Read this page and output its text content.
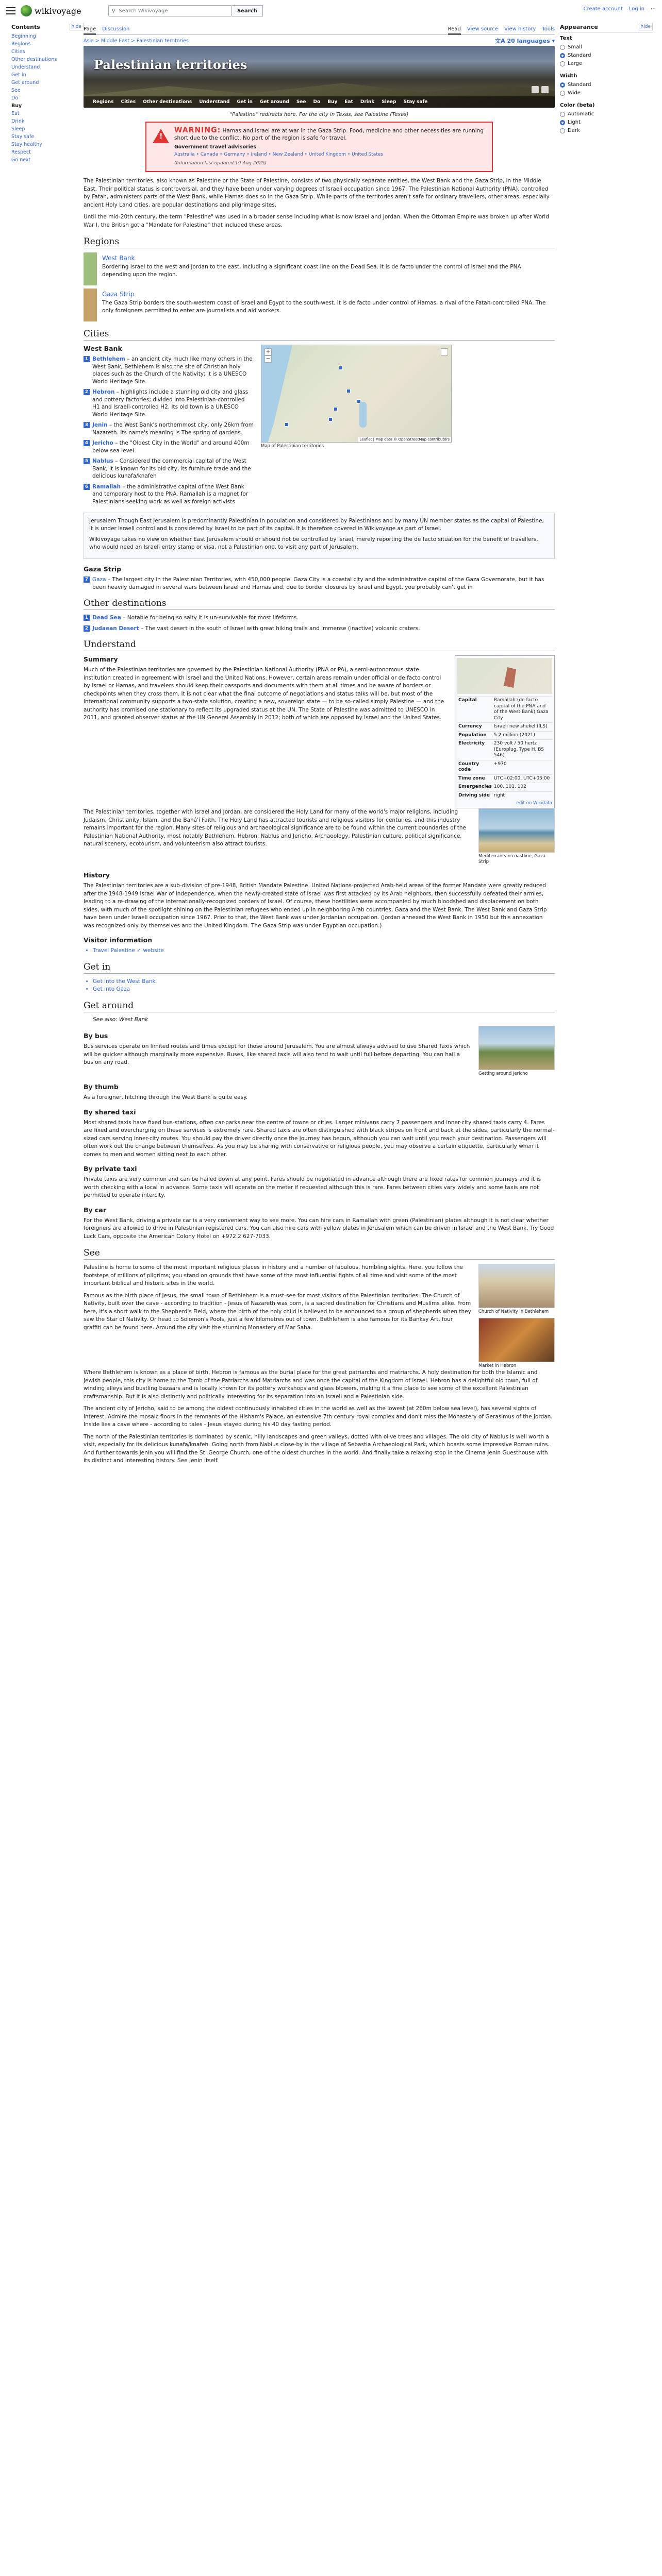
wikivoyage	⚲ Search Wikivoyage	Search	Create account Log in ⋯
Contents	hide
Beginning
Regions
Cities
Other destinations
Understand
Get in
Get around
See
Do
Buy
Eat
Drink
Sleep
Stay safe
Stay healthy
Respect
Go next
Page Discussion	Read View source View history Tools
Asia > Middle East > Palestinian territories	文A 20 languages ▾
Palestinian territories
Regions Cities Other destinations Understand Get in Get around See Do Buy Eat Drink Sleep Stay safe
"Palestine" redirects here. For the city in Texas, see Palestine (Texas)
!
WARNING: Hamas and Israel are at war in the Gaza Strip. Food, medicine and other necessities are running short due to the conflict. No part of the region is safe for travel.
Government travel advisories
Australia • Canada • Germany • Ireland • New Zealand • United Kingdom • United States
(Information last updated 19 Aug 2025)

The Palestinian territories, also known as Palestine or the State of Palestine, consists of two physically separate entities, the West Bank and the Gaza Strip, in the Middle East. Their political status is controversial, and they have been under varying degrees of Israeli occupation since 1967. The Palestinian National Authority (PNA), controlled by Fatah, administers parts of the West Bank, while Hamas does so in the Gaza Strip. While parts of the territories aren't safe for ordinary travellers, other areas, especially ancient Holy Land cities, are popular destinations and pilgrimage sites.

Until the mid-20th century, the term "Palestine" was used in a broader sense including what is now Israel and Jordan. When the Ottoman Empire was broken up after World War I, the British got a "Mandate for Palestine" that included these areas.

Regions
West Bank
Bordering Israel to the west and Jordan to the east, including a significant coast line on the Dead Sea. It is de facto under the control of Israel and the PNA depending upon the region.
Gaza Strip
The Gaza Strip borders the south-western coast of Israel and Egypt to the south-west. It is de facto under control of Hamas, a rival of the Fatah-controlled PNA. The only foreigners permitted to enter are journalists and aid workers.
Cities
West Bank
1 Bethlehem – an ancient city much like many others in the West Bank, Bethlehem is also the site of Christian holy places such as the Church of the Nativity; it is a UNESCO World Heritage Site.
2 Hebron – highlights include a stunning old city and glass and pottery factories; divided into Palestinian-controlled H1 and Israeli-controlled H2. Its old town is a UNESCO World Heritage Site.
3 Jenin – the West Bank's northernmost city, only 26km from Nazareth. Its name's meaning is The spring of gardens.
4 Jericho – the "Oldest City in the World" and around 400m below sea level
5 Nablus – Considered the commercial capital of the West Bank, it is known for its old city, its furniture trade and the delicious kunafa/knafeh
6 Ramallah – the administrative capital of the West Bank and temporary host to the PNA. Ramallah is a magnet for Palestinians seeking work as well as foreign activists
+
−
Leaflet | Map data © OpenStreetMap contributors
Map of Palestinian territories

Jerusalem Though East Jerusalem is predominantly Palestinian in population and considered by Palestinians and by many UN member states as the capital of Palestine, it is under Israeli control and is considered by Israel to be part of its capital. It is therefore covered in Wikivoyage as part of Israel.

Wikivoyage takes no view on whether East Jerusalem should or should not be controlled by Israel, merely reporting the de facto situation for the benefit of travellers, who would need an Israeli entry stamp or visa, not a Palestinian one, to visit any part of Jerusalem.

Gaza Strip
7 Gaza – The largest city in the Palestinian Territories, with 450,000 people. Gaza City is a coastal city and the administrative capital of the Gaza Governorate, but it has been heavily damaged in several wars between Israel and Hamas and, due to border closures by Israel and Egypt, you probably can't get in
Other destinations
1 Dead Sea – Notable for being so salty it is un-survivable for most lifeforms.
2 Judaean Desert – The vast desert in the south of Israel with great hiking trails and immense (inactive) volcanic craters.
Understand
Summary

Much of the Palestinian territories are governed by the Palestinian National Authority (PNA or PA), a semi-autonomous state institution created in agreement with Israel and the United Nations. However, certain areas remain under official or de facto control by Israel or Hamas, and travelers should keep their passports and documents with them at all times and be aware of borders or checkpoints when they cross them. It is not clear what the final outcome of negotiations and status talks will be, but most of the international community supports a two-state solution, creating a new, sovereign state — to be so-called simply Palestine — and the authority has promised one stationary to reflect its upgraded status at the UN. The State of Palestine was admitted to UNESCO in 2011, and granted observer status at the UN General Assembly in 2012; both of which are opposed by Israel and the United States.

Capital	Ramallah (de facto capital of the PNA and of the West Bank) Gaza City
Currency	Israeli new shekel (ILS)
Population	5.2 million (2021)
Electricity	230 volt / 50 hertz (Europlug, Type H, BS 546)
Country code	+970
Time zone	UTC+02:00, UTC+03:00
Emergencies	100, 101, 102
Driving side	right
edit on Wikidata

The Palestinian territories, together with Israel and Jordan, are considered the Holy Land for many of the world's major religions, including Judaism, Christianity, Islam, and the Bahá'í Faith. The Holy Land has attracted tourists and religious visitors for centuries, and this industry remains important for the region. Many sites of religious and archaeological significance are to be found within the current boundaries of the Palestinian National Authority, most notably Bethlehem, Hebron, Nablus and Jericho. Archaeology, Palestinian culture, political significance, natural scenery, ecotourism, and volunteerism also attract tourists.

Mediterranean coastline, Gaza Strip
History

The Palestinian territories are a sub-division of pre-1948, British Mandate Palestine. United Nations-projected Arab-held areas of the former Mandate were greatly reduced after the 1948-1949 Israel War of Independence, when the newly-created state of Israel was first attacked by its Arab neighbors, then successfully defeated their armies, leading to a re-drawing of the internationally-recognized borders of Israel. Of course, these hostilities were accompanied by much bloodshed and displacement on both sides, with much of the spotlight shining on the Palestinian refugees who ended up in neighboring Arab countries, Gaza and the West Bank. The West Bank and Gaza Strip have been under Israeli occupation since 1967. Prior to that, the West Bank was under Jordanian occupation. (Jordan annexed the West Bank in 1950 but this annexation was recognized only by themselves and the United Kingdom. The Gaza Strip was under Egyptian occupation.)

Visitor information
• Travel Palestine ✓ website
Get in
• Get into the West Bank
• Get into Gaza
Get around
See also: West Bank
By bus

Bus services operate on limited routes and times except for those around Jerusalem. You are almost always advised to use Shared Taxis which will be quicker although marginally more expensive. Buses, like shared taxis will also tend to wait until full before departing. You can hail a bus on any road.

Getting around Jericho
By thumb

As a foreigner, hitching through the West Bank is quite easy.

By shared taxi

Most shared taxis have fixed bus-stations, often car-parks near the centre of towns or cities. Larger minivans carry 7 passengers and inner-city shared taxis carry 4. Fares are fixed and overcharging on these services is extremely rare. Shared taxis are often distinguished with black stripes on front and back at the sides, particularly the normal-sized cars serving inner-city routes. You should pay the driver directly once the journey has begun, although you can wait until you reach your destination. Passengers will often work out the change between themselves. As you may be sharing with conservative or religious people, you may observe a certain etiquette, particularly when it comes to men and women sitting next to each other.

By private taxi

Private taxis are very common and can be hailed down at any point. Fares should be negotiated in advance although there are fixed rates for common journeys and it is worth checking with a local in advance. Some taxis will operate on the meter if requested although this is rare. Fares between cities vary widely and some taxis are not permitted to operate intercity.

By car

For the West Bank, driving a private car is a very convenient way to see more. You can hire cars in Ramallah with green (Palestinian) plates although it is not clear whether foreigners are allowed to drive in Palestinian registered cars. You can also hire cars with yellow plates in Jerusalem which can be driven in Israel and the West Bank. Try Good Luck Cars, opposite the American Colony Hotel on +972 2 627-7033.

See

Palestine is home to some of the most important religious places in history and a number of fabulous, humbling sights. Here, you follow the footsteps of millions of pilgrims; you stand on grounds that have some of the most influential fights of all time and visit some of the most important biblical and historic sites in the world.

Famous as the birth place of Jesus, the small town of Bethlehem is a must-see for most visitors of the Palestinian territories. The Church of Nativity, built over the cave - according to tradition - Jesus of Nazareth was born, is a sacred destination for Christians and Muslims alike. From here, it's a short walk to the Shepherd's Field, where the birth of the holy child is believed to be announced to a group of shepherds when they saw the Star of Nativity. Or head to Solomon's Pools, just a few kilometres out of town. Bethlehem is also famous for its Banksy Art, four graffiti can be found here. Around the city visit the stunning Monastery of Mar Saba.

Church of Nativity in Bethlehem
Market in Hebron

Where Bethlehem is known as a place of birth, Hebron is famous as the burial place for the great patriarchs and matriarchs. A holy destination for both the Islamic and Jewish people, this city is home to the Tomb of the Patriarchs and Matriarchs and was once the capital of the Kingdom of Israel. Hebron has a delightful old town, full of winding alleys and bustling bazaars and is locally known for its pottery workshops and glass blowers, making it a fine place to see some of the excellent Palestinian craftsmanship. But it is also distinctly and politically interesting for its separation into an Israeli and a Palestinian side.

The ancient city of Jericho, said to be among the oldest continuously inhabited cities in the world as well as the lowest (at 260m below sea level), has several sights of interest. Admire the mosaic floors in the remnants of the Hisham's Palace, an extensive 7th century royal complex and don't miss the Monastery of Gerasimus of the Jordan. Inside lies a cave where - according to tales - Jesus stayed during his 40 day fasting period.

The north of the Palestinian territories is dominated by scenic, hilly landscapes and green valleys, dotted with olive trees and villages. The old city of Nablus is well worth a visit, especially for its delicious kunafa/knafeh. Going north from Nablus close-by is the village of Sebastia Archaeological Park, which boasts some impressive Roman ruins. And further towards Jenin you will find the St. George Church, one of the oldest churches in the world. And finally take a relaxing stop in the Cinema Jenin Guesthouse with its distinct and interesting history. See Jenin itself.

Appearance	hide
Text
Small
Standard
Large
Width
Standard
Wide
Color (beta)
Automatic
Light
Dark
